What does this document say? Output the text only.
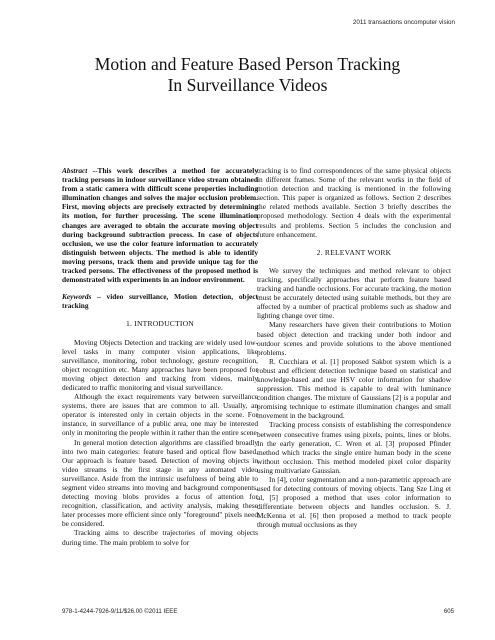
2011 transactions oncomputer vision
Motion and Feature Based Person Tracking
In Surveillance Videos

Abstract --This work describes a method for accurately tracking persons in indoor surveillance video stream obtained from a static camera with difficult scene properties including illumination changes and solves the major occlusion problem. First, moving objects are precisely extracted by determining its motion, for further processing. The scene illumination changes are averaged to obtain the accurate moving object during background subtraction process. In case of objects occlusion, we use the color feature information to accurately distinguish between objects. The method is able to identify moving persons, track them and provide unique tag for the tracked persons. The effectiveness of the proposed method is demonstrated with experiments in an indoor environment.

Keywords – video surveillance, Motion detection, object tracking

1. INTRODUCTION

Moving Objects Detection and tracking are widely used low-level tasks in many computer vision applications, like surveillance, monitoring, robot technology, gesture recognition, object recognition etc. Many approaches have been proposed for moving object detection and tracking from videos, mainly dedicated to traffic monitoring and visual surveillance.

Although the exact requirements vary between surveillance systems, there are issues that are common to all. Usually, an operator is interested only in certain objects in the scene. For instance, in surveillance of a public area, one may be interested only in monitoring the people within it rather than the entire scene

In general motion detection algorithms are classified broadly into two main categories: feature based and optical flow based. Our approach is feature based. Detection of moving objects in video streams is the first stage in any automated video surveillance. Aside from the intrinsic usefulness of being able to segment video streams into moving and background components, detecting moving blobs provides a focus of attention for recognition, classification, and activity analysis, making these later processes more efficient since only "foreground" pixels need be considered.

Tracking aims to describe trajectories of moving objects during time. The main problem to solve for

tracking is to find correspondences of the same physical objects in different frames. Some of the relevant works in the field of motion detection and tracking is mentioned in the following section. This paper is organized as follows. Section 2 describes the related methods available. Section 3 briefly describes the proposed methodology. Section 4 deals with the experimental results and problems. Section 5 includes the conclusion and future enhancement.

2. RELEVANT WORK

We survey the techniques and method relevant to object tracking, specifically approaches that perform feature based tracking and handle occlusions. For accurate tracking, the motion must be accurately detected using suitable methods, but they are affected by a number of practical problems such as shadow and lighting change over time.

Many researchers have given their contributions to Motion based object detection and tracking under both indoor and outdoor scenes and provide solutions to the above mentioned problems.

R. Cucchiara et al. [1] proposed Sakbot system which is a robust and efficient detection technique based on statistical and knowledge-based and use HSV color information for shadow suppression. This method is capable to deal with luminance condition changes. The mixture of Gaussians [2] is a popular and promising technique to estimate illumination changes and small movement in the background.

Tracking process consists of establishing the correspondence between consecutive frames using pixels, points, lines or blobs. In the early generation, C. Wren et al. [3] proposed Pfinder method which tracks the single entire human body in the scene without occlusion. This method modeled pixel color disparity using multivariate Gaussian.

In [4], color segmentation and a non-parametric approach are used for detecting contours of moving objects. Tang Sze Ling et al, [5] proposed a method that uses color information to differentiate between objects and handles occlusion. S. J. McKenna et al. [6] then proposed a method to track people through mutual occlusions as they

978-1-4244-7926-9/11/$26.00 ©2011 IEEE	605
